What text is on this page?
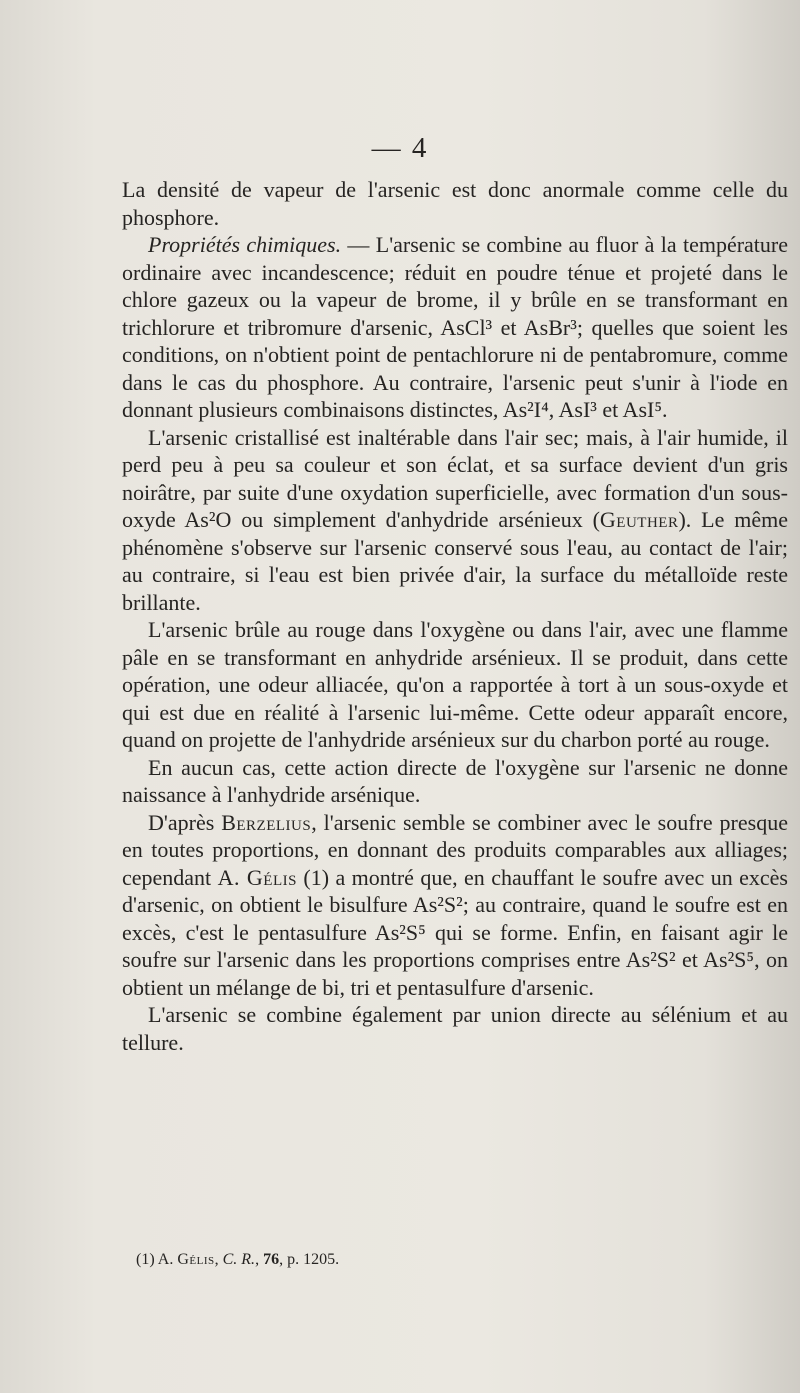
— 4

La densité de vapeur de l'arsenic est donc anormale comme celle du phosphore.

Propriétés chimiques. — L'arsenic se combine au fluor à la température ordinaire avec incandescence; réduit en poudre ténue et projeté dans le chlore gazeux ou la vapeur de brome, il y brûle en se transformant en trichlorure et tribromure d'arsenic, AsCl³ et AsBr³; quelles que soient les conditions, on n'obtient point de pentachlorure ni de pentabromure, comme dans le cas du phosphore. Au contraire, l'arsenic peut s'unir à l'iode en donnant plusieurs combinaisons distinctes, As²I⁴, AsI³ et AsI⁵.

L'arsenic cristallisé est inaltérable dans l'air sec; mais, à l'air humide, il perd peu à peu sa couleur et son éclat, et sa surface devient d'un gris noirâtre, par suite d'une oxydation superficielle, avec formation d'un sous-oxyde As²O ou simplement d'anhydride arsénieux (Geuther). Le même phénomène s'observe sur l'arsenic conservé sous l'eau, au contact de l'air; au contraire, si l'eau est bien privée d'air, la surface du métalloïde reste brillante.

L'arsenic brûle au rouge dans l'oxygène ou dans l'air, avec une flamme pâle en se transformant en anhydride arsénieux. Il se produit, dans cette opération, une odeur alliacée, qu'on a rapportée à tort à un sous-oxyde et qui est due en réalité à l'arsenic lui-même. Cette odeur apparaît encore, quand on projette de l'anhydride arsénieux sur du charbon porté au rouge.

En aucun cas, cette action directe de l'oxygène sur l'arsenic ne donne naissance à l'anhydride arsénique.

D'après Berzelius, l'arsenic semble se combiner avec le soufre presque en toutes proportions, en donnant des produits comparables aux alliages; cependant A. Gélis (1) a montré que, en chauffant le soufre avec un excès d'arsenic, on obtient le bisulfure As²S²; au contraire, quand le soufre est en excès, c'est le pentasulfure As²S⁵ qui se forme. Enfin, en faisant agir le soufre sur l'arsenic dans les proportions comprises entre As²S² et As²S⁵, on obtient un mélange de bi, tri et pentasulfure d'arsenic.

L'arsenic se combine également par union directe au sélénium et au tellure.

(1) A. Gélis, C. R., 76, p. 1205.
